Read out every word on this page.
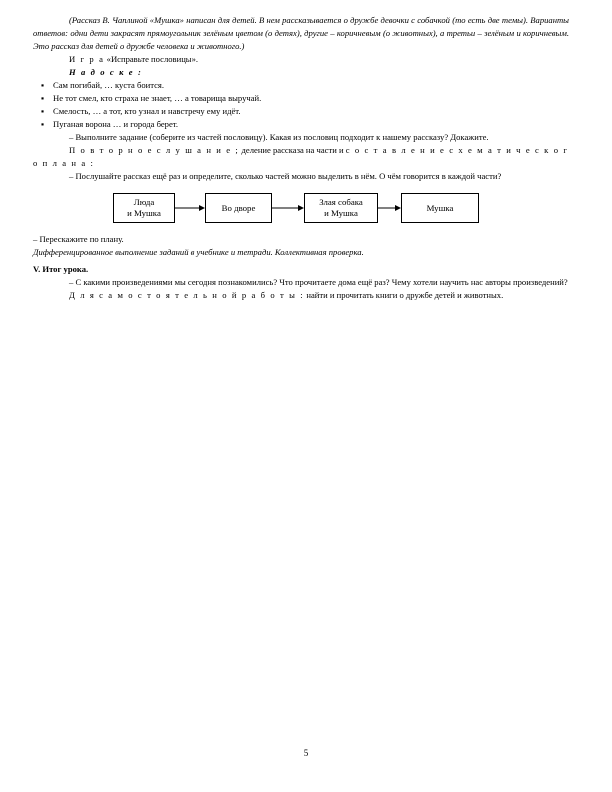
(Рассказ В. Чаплиной «Мушка» написан для детей. В нем рассказывается о дружбе девочки с собачкой (то есть две темы). Варианты ответов: одни дети закрасят прямоугольник зелёным цветом (о детях), другие – коричневым (о животных), а третьи – зелёным и коричневым. Это рассказ для детей о дружбе человека и животного.)

И г р а «Исправьте пословицы».

Н а д о с к е :

▪ Сам погибай, … куста боится.
▪ Не тот смел, кто страха не знает, … а товарища выручай.
▪ Смелость, … а тот, кто узнал и навстречу ему идёт.
▪ Пуганая ворона … и города берет.

– Выполните задание (соберите из частей пословицу). Какая из пословиц подходит к нашему рассказу? Докажите.

П о в т о р н о е с л у ш а н и е ; деление рассказа на части и с о с т а в л е н и е с х е м а т и ч е с к о г о п л а н а :

– Послушайте рассказ ещё раз и определите, сколько частей можно выделить в нём. О чём говорится в каждой части?

Люда
и Мушка
Во дворе
Злая собака
и Мушка
Мушка

– Перескажите по плану.

Дифференцированное выполнение заданий в учебнике и тетради. Коллективная проверка.

V. Итог урока.

– С какими произведениями мы сегодня познакомились? Что прочитаете дома ещё раз? Чему хотели научить нас авторы произведений?

Д л я с а м о с т о я т е л ь н о й р а б о т ы : найти и прочитать книги о дружбе детей и животных.

5
